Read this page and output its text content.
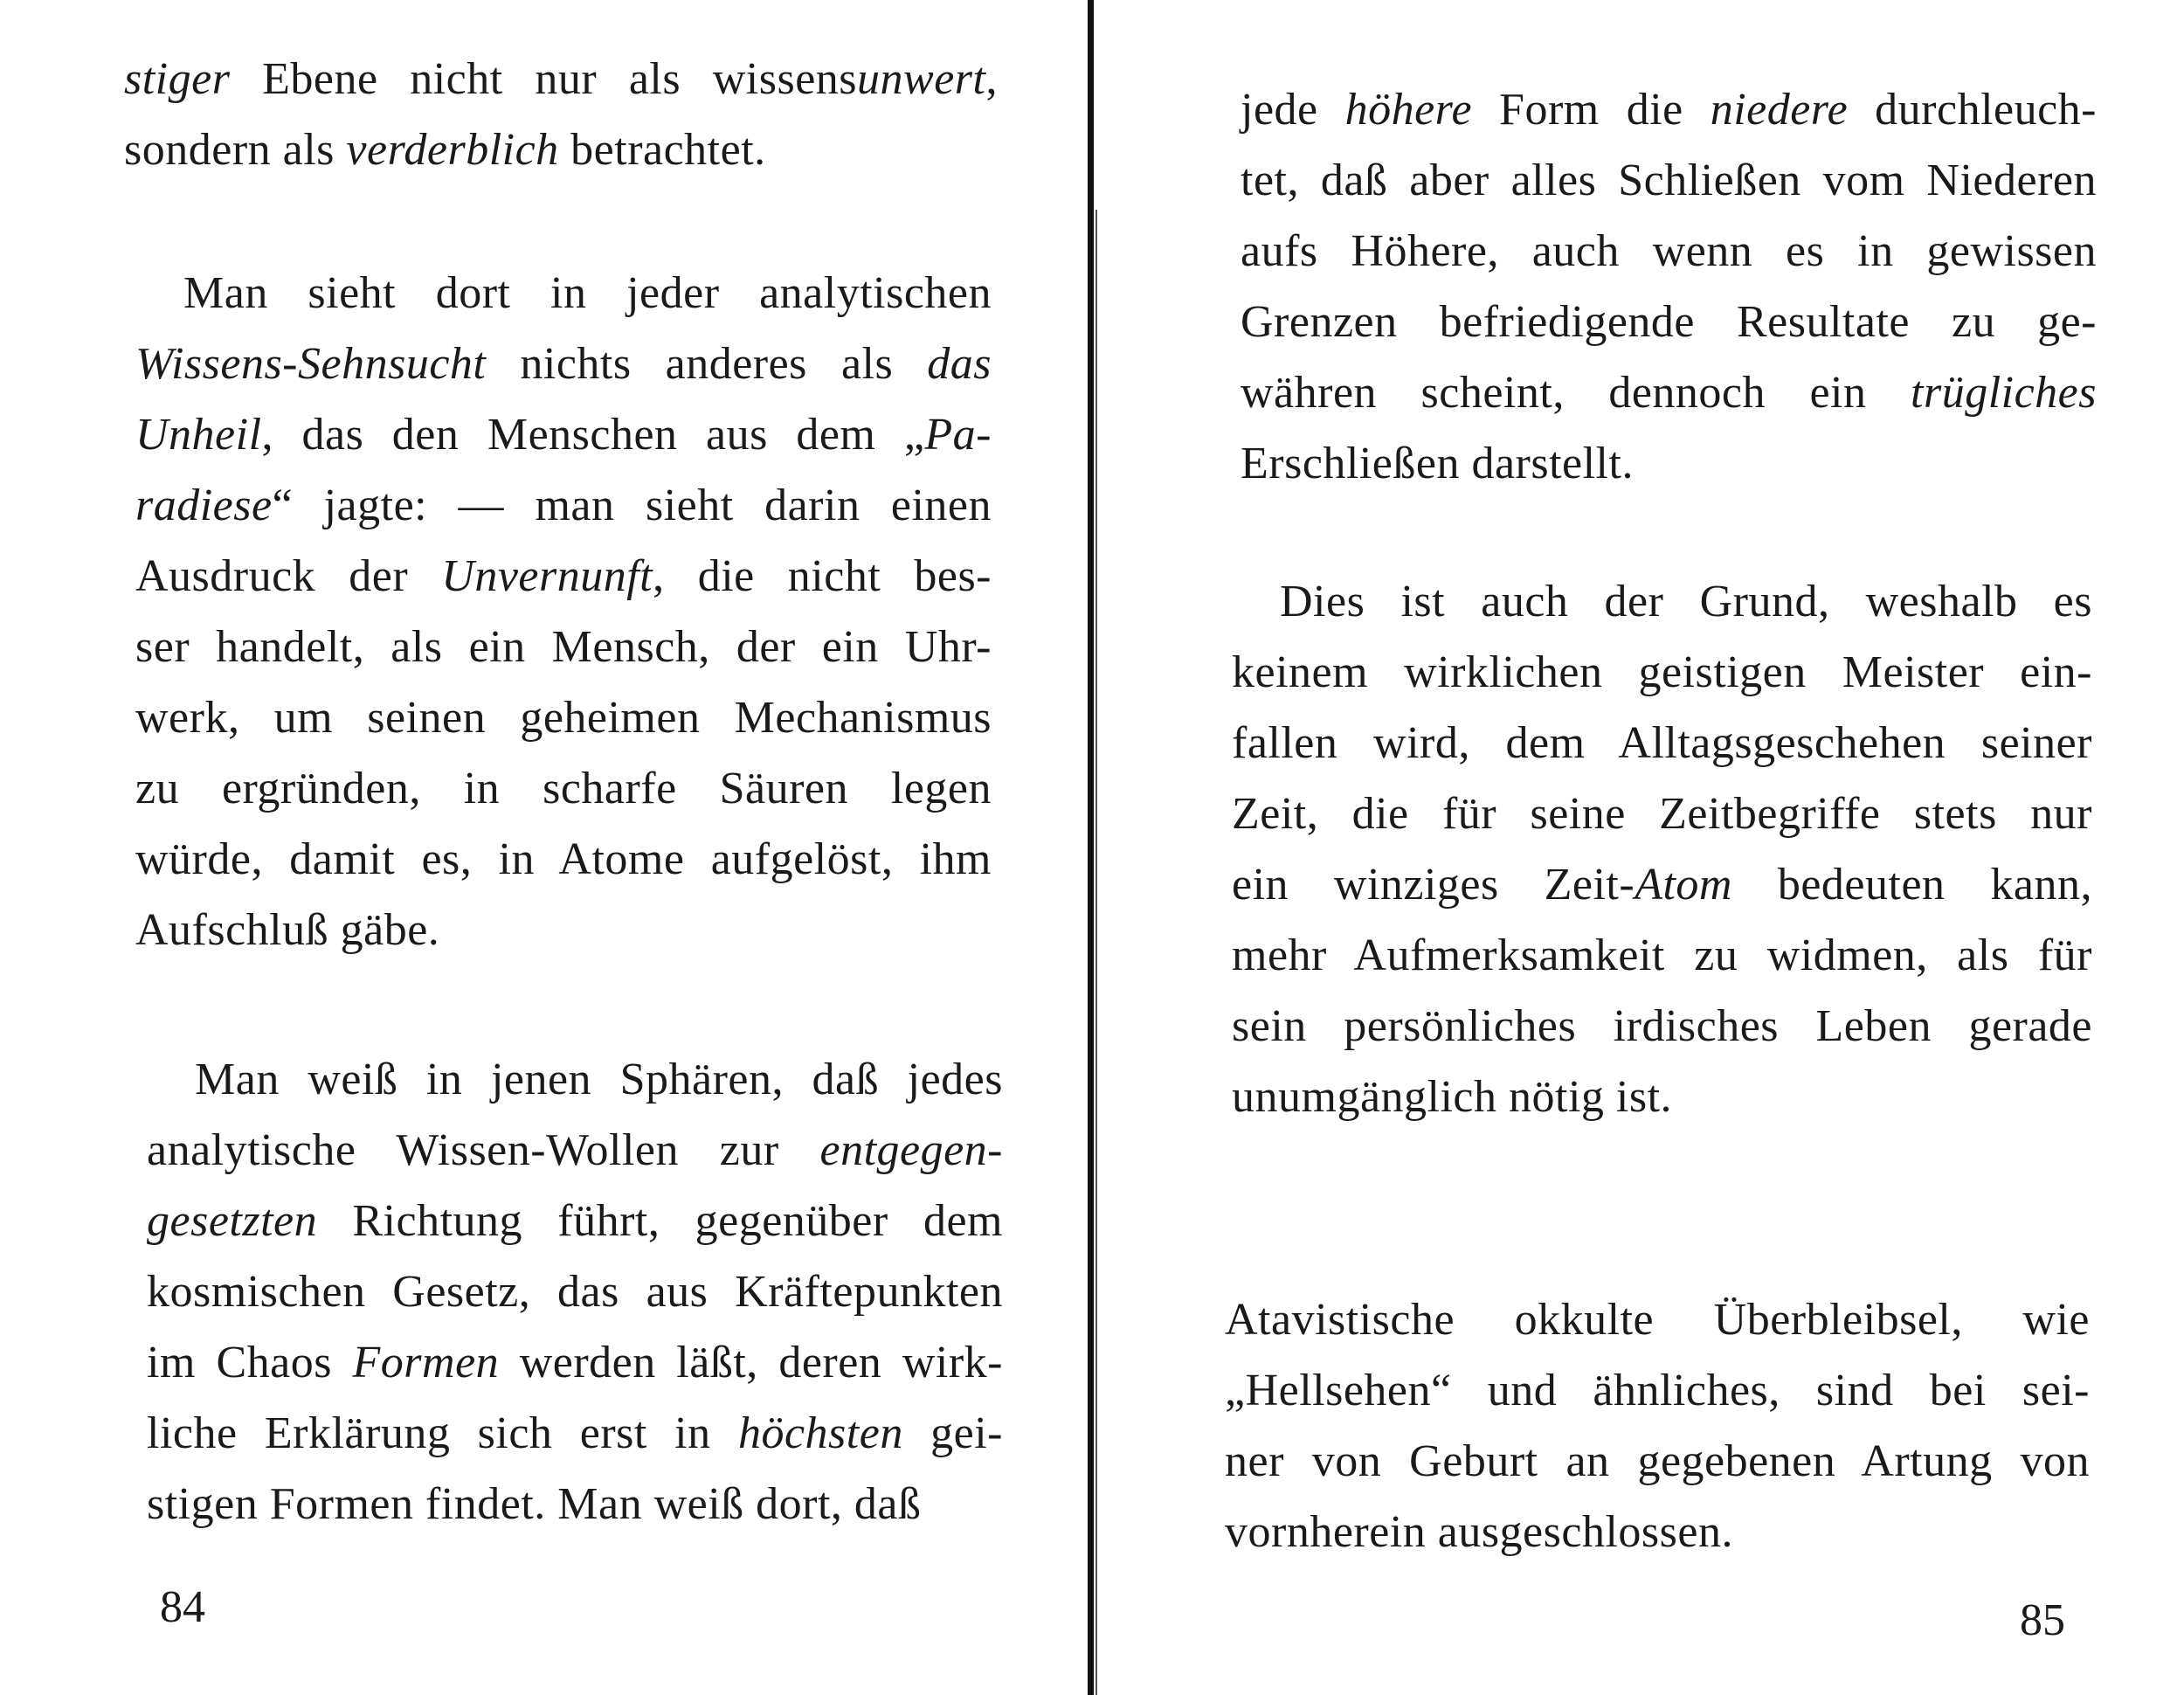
stiger Ebene nicht nur als wissensunwert,
sondern als verderblich betrachtet.
Man sieht dort in jeder analytischen
Wissens-Sehnsucht nichts anderes als das
Unheil, das den Menschen aus dem „Pa-
radiese“ jagte: — man sieht darin einen
Ausdruck der Unvernunft, die nicht bes-
ser handelt, als ein Mensch, der ein Uhr-
werk, um seinen geheimen Mechanismus
zu ergründen, in scharfe Säuren legen
würde, damit es, in Atome aufgelöst, ihm
Aufschluß gäbe.
Man weiß in jenen Sphären, daß jedes
analytische Wissen-Wollen zur entgegen-
gesetzten Richtung führt, gegenüber dem
kosmischen Gesetz, das aus Kräftepunkten
im Chaos Formen werden läßt, deren wirk-
liche Erklärung sich erst in höchsten gei-
stigen Formen findet. Man weiß dort, daß
84
jede höhere Form die niedere durchleuch-
tet, daß aber alles Schließen vom Niederen
aufs Höhere, auch wenn es in gewissen
Grenzen befriedigende Resultate zu ge-
währen scheint, dennoch ein trügliches
Erschließen darstellt.
Dies ist auch der Grund, weshalb es
keinem wirklichen geistigen Meister ein-
fallen wird, dem Alltagsgeschehen seiner
Zeit, die für seine Zeitbegriffe stets nur
ein winziges Zeit-Atom bedeuten kann,
mehr Aufmerksamkeit zu widmen, als für
sein persönliches irdisches Leben gerade
unumgänglich nötig ist.
Atavistische okkulte Überbleibsel, wie
„Hellsehen“ und ähnliches, sind bei sei-
ner von Geburt an gegebenen Artung von
vornherein ausgeschlossen.
85
